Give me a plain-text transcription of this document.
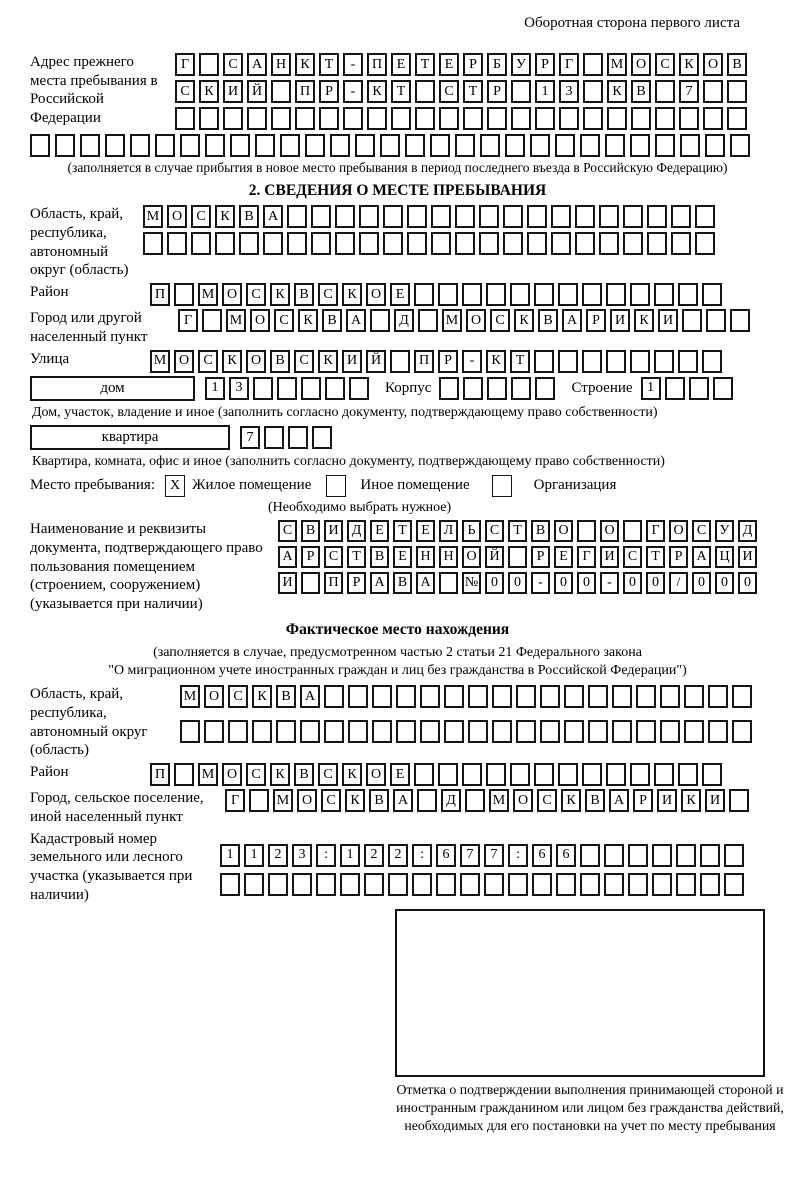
Оборотная сторона первого листа
Адрес прежнего места пребывания в Российской Федерации
Г	С	А Н	К	Т	-	П	Е	Т	Е	Р	Б	У	Р	Г	М О	С	К	О	В
С	К	И Й	П	Р	-	К	Т	С	Т	Р	1	3	К	В	7
(заполняется в случае прибытия в новое место пребывания в период последнего въезда в Российскую Федерацию)
2. СВЕДЕНИЯ О МЕСТЕ ПРЕБЫВАНИЯ
Область, край, республика, автономный округ (область)
М О	С	К	В	А
Район	П	М О	С	К	В	С	К	О	Е
Город или другой населенный пункт
Г	М О	С	К	В	А	Д	М О	С	К	В	А	Р	И	К	И
Улица	М О	С	К	О	В	С	К	И Й	П	Р	-	К	Т
дом	1	3	Корпус	Строение	1
Дом, участок, владение и иное (заполнить согласно документу, подтверждающему право собственности)
квартира	7
Квартира, комната, офис и иное (заполнить согласно документу, подтверждающему право собственности)
Место пребывания:	X Жилое помещение	Иное помещение	Организация
(Необходимо выбрать нужное)
Наименование и реквизиты документа, подтверждающего право пользования помещением (строением, сооружением) (указывается при наличии)
С В И Д Е	Т	Е Л	Ь	С	Т	В О	О	Г О С У Д
А	Р	С	Т	В	Е Н Н О Й	Р	Е	Г И С	Т	Р	А Ц И
И	П	Р	А В А	№ 0	0	-	0	0	-	0	0	/	0	0	0
Фактическое место нахождения
(заполняется в случае, предусмотренном частью 2 статьи 21 Федерального закона
"О миграционном учете иностранных граждан и лиц без гражданства в Российской Федерации")
Область, край, республика, автономный округ (область)
М О	С	К	В	А
Район	П	М О	С	К	В	С	К	О	Е
Город, сельское поселение, иной населенный пункт
Г	М О	С	К	В	А	Д	М О	С	К	В	А	Р	И	К	И
Кадастровый номер земельного или лесного участка (указывается при наличии)
1	1	2	3	:	1	2	2	:	6	7	7	:	6	6
Отметка о подтверждении выполнения принимающей стороной и иностранным гражданином или лицом без гражданства действий, необходимых для его постановки на учет по месту пребывания
